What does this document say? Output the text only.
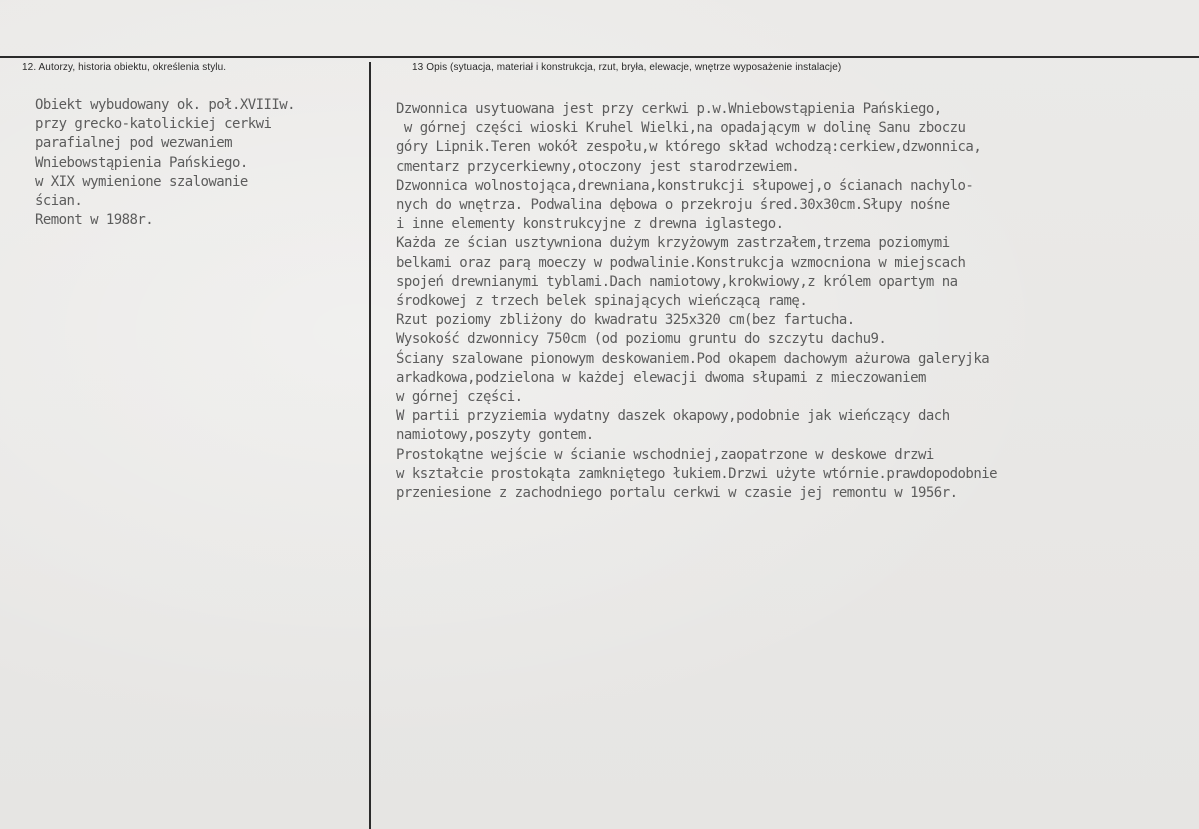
12. Autorzy, historia obiektu, określenia stylu.	13 Opis (sytuacja, materiał i konstrukcja, rzut, bryła, elewacje, wnętrze wyposażenie instalacje)
Obiekt wybudowany ok. poł.XVIIIw.
przy grecko-katolickiej cerkwi
parafialnej pod wezwaniem
Wniebowstąpienia Pańskiego.
w XIX wymienione szalowanie
ścian.
Remont w 1988r.
Dzwonnica usytuowana jest przy cerkwi p.w.Wniebowstąpienia Pańskiego,
w górnej części wioski Kruhel Wielki,na opadającym w dolinę Sanu zboczu
góry Lipnik.Teren wokół zespołu,w którego skład wchodzą:cerkiew,dzwonnica,
cmentarz przycerkiewny,otoczony jest starodrzewiem.
Dzwonnica wolnostojąca,drewniana,konstrukcji słupowej,o ścianach nachylo-
nych do wnętrza. Podwalina dębowa o przekroju śred.30x30cm.Słupy nośne
i inne elementy konstrukcyjne z drewna iglastego.
Każda ze ścian usztywniona dużym krzyżowym zastrzałem,trzema poziomymi
belkami oraz parą moeczy w podwalinie.Konstrukcja wzmocniona w miejscach
spojeń drewnianymi tyblami.Dach namiotowy,krokwiowy,z królem opartym na
środkowej z trzech belek spinających wieńczącą ramę.
Rzut poziomy zbliżony do kwadratu 325x320 cm(bez fartucha.
Wysokość dzwonnicy 750cm (od poziomu gruntu do szczytu dachu9.
Ściany szalowane pionowym deskowaniem.Pod okapem dachowym ażurowa galeryjka
arkadkowa,podzielona w każdej elewacji dwoma słupami z mieczowaniem
w górnej części.
W partii przyziemia wydatny daszek okapowy,podobnie jak wieńczący dach
namiotowy,poszyty gontem.
Prostokątne wejście w ścianie wschodniej,zaopatrzone w deskowe drzwi
w kształcie prostokąta zamkniętego łukiem.Drzwi użyte wtórnie.prawdopodobnie
przeniesione z zachodniego portalu cerkwi w czasie jej remontu w 1956r.
